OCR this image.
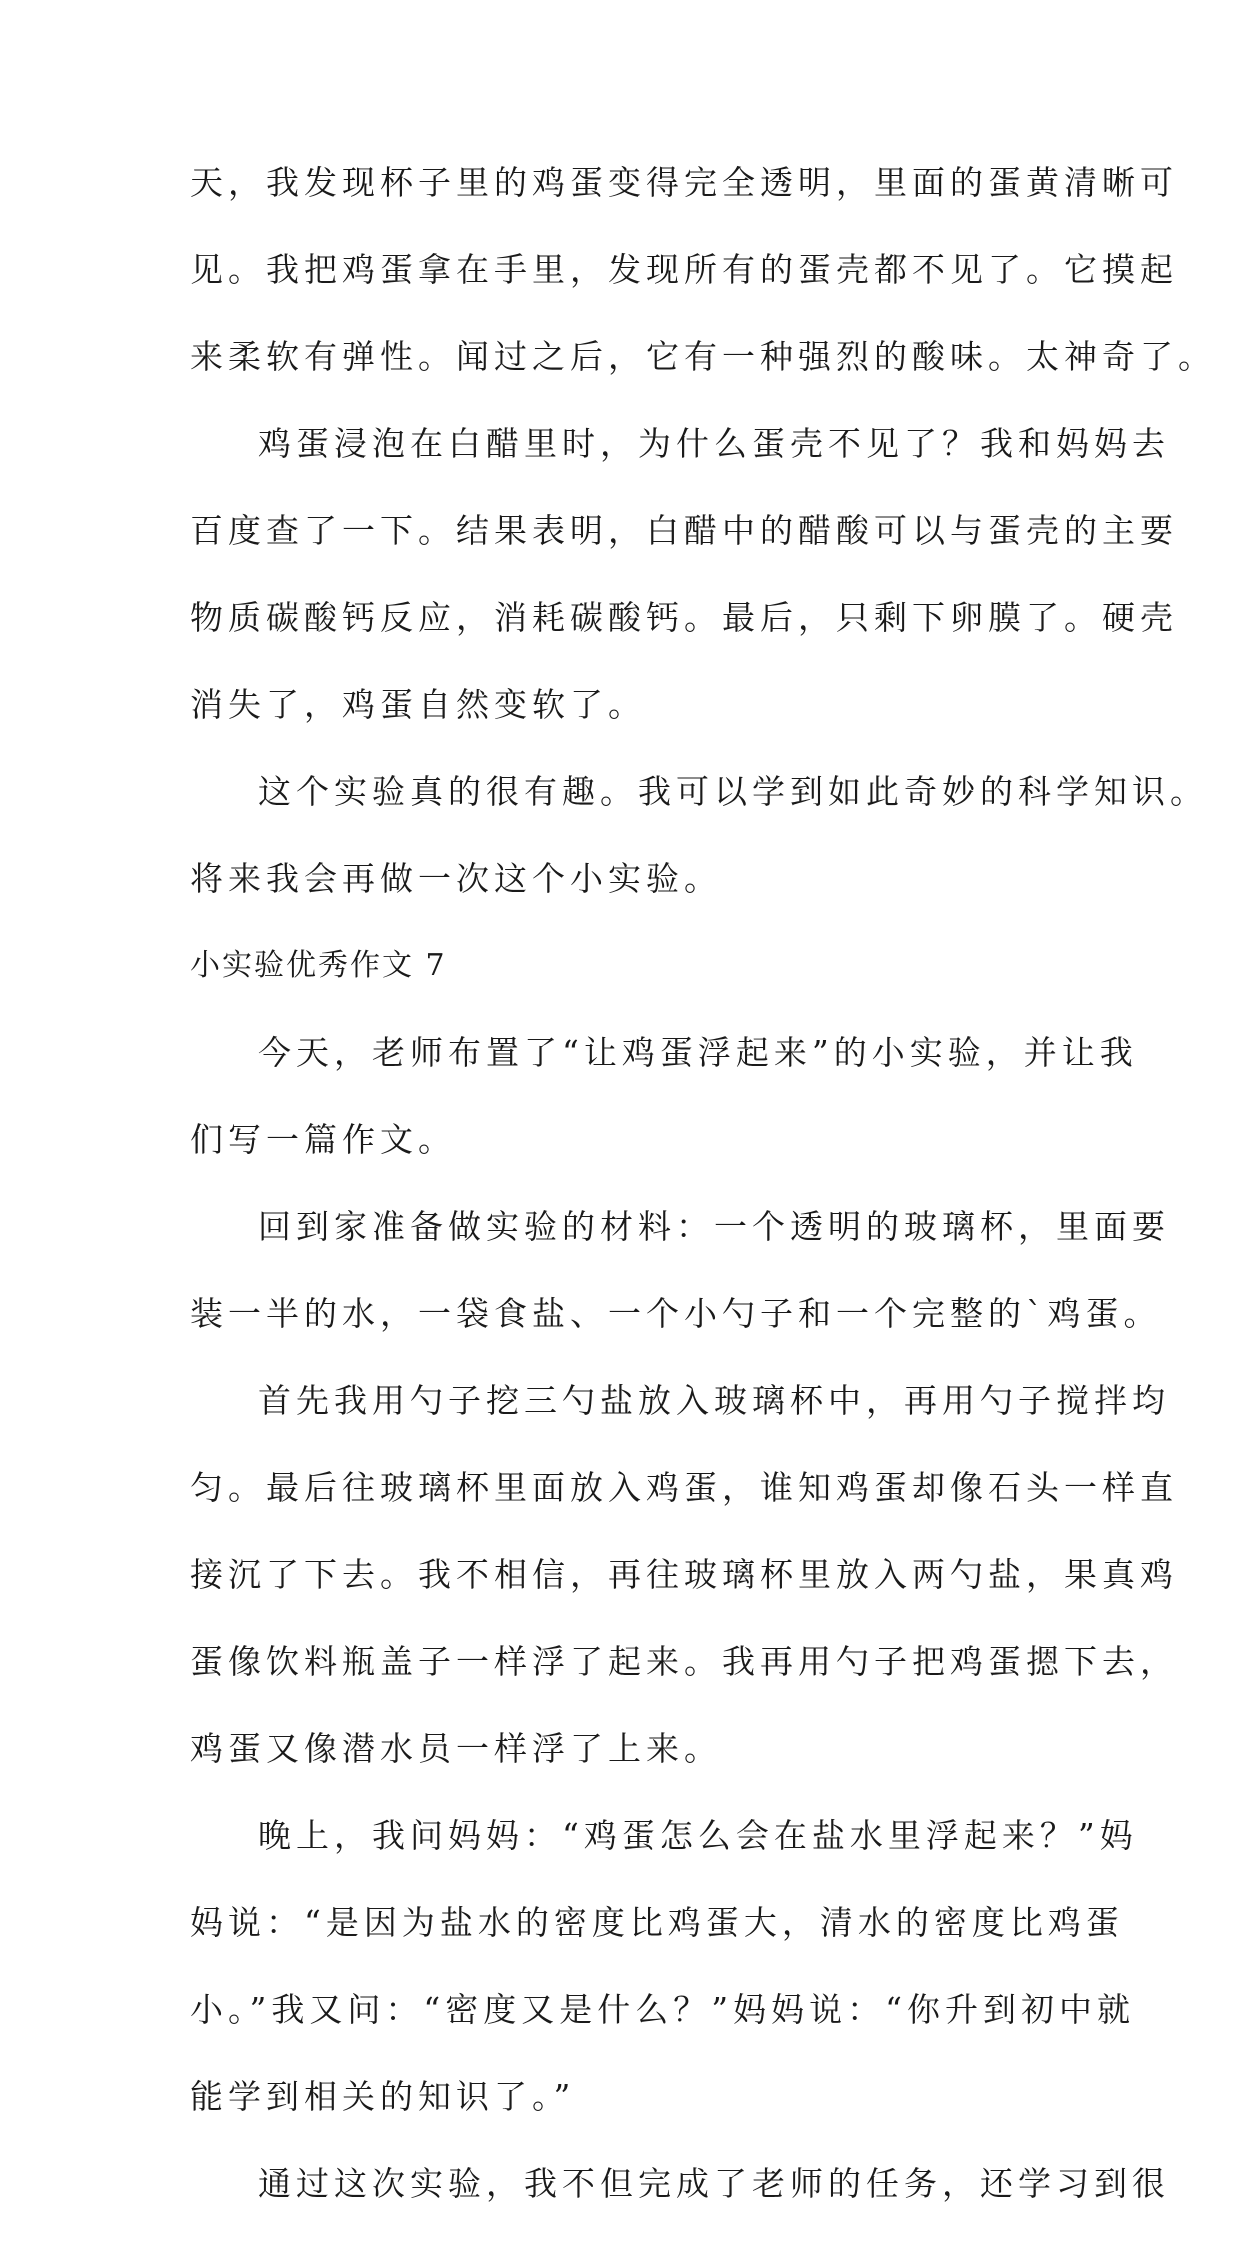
天，我发现杯子里的鸡蛋变得完全透明，里面的蛋黄清晰可
见。我把鸡蛋拿在手里，发现所有的蛋壳都不见了。它摸起
来柔软有弹性。闻过之后，它有一种强烈的酸味。太神奇了。
鸡蛋浸泡在白醋里时，为什么蛋壳不见了？我和妈妈去
百度查了一下。结果表明，白醋中的醋酸可以与蛋壳的主要
物质碳酸钙反应，消耗碳酸钙。最后，只剩下卵膜了。硬壳
消失了，鸡蛋自然变软了。
这个实验真的很有趣。我可以学到如此奇妙的科学知识。
将来我会再做一次这个小实验。
小实验优秀作文 7
今天，老师布置了“让鸡蛋浮起来”的小实验，并让我
们写一篇作文。
回到家准备做实验的材料：一个透明的玻璃杯，里面要
装一半的水，一袋食盐、一个小勺子和一个完整的`鸡蛋。
首先我用勺子挖三勺盐放入玻璃杯中，再用勺子搅拌均
匀。最后往玻璃杯里面放入鸡蛋，谁知鸡蛋却像石头一样直
接沉了下去。我不相信，再往玻璃杯里放入两勺盐，果真鸡
蛋像饮料瓶盖子一样浮了起来。我再用勺子把鸡蛋摁下去，
鸡蛋又像潜水员一样浮了上来。
晚上，我问妈妈：“鸡蛋怎么会在盐水里浮起来？”妈
妈说：“是因为盐水的密度比鸡蛋大，清水的密度比鸡蛋
小。”我又问：“密度又是什么？”妈妈说：“你升到初中就
能学到相关的知识了。”
通过这次实验，我不但完成了老师的任务，还学习到很
